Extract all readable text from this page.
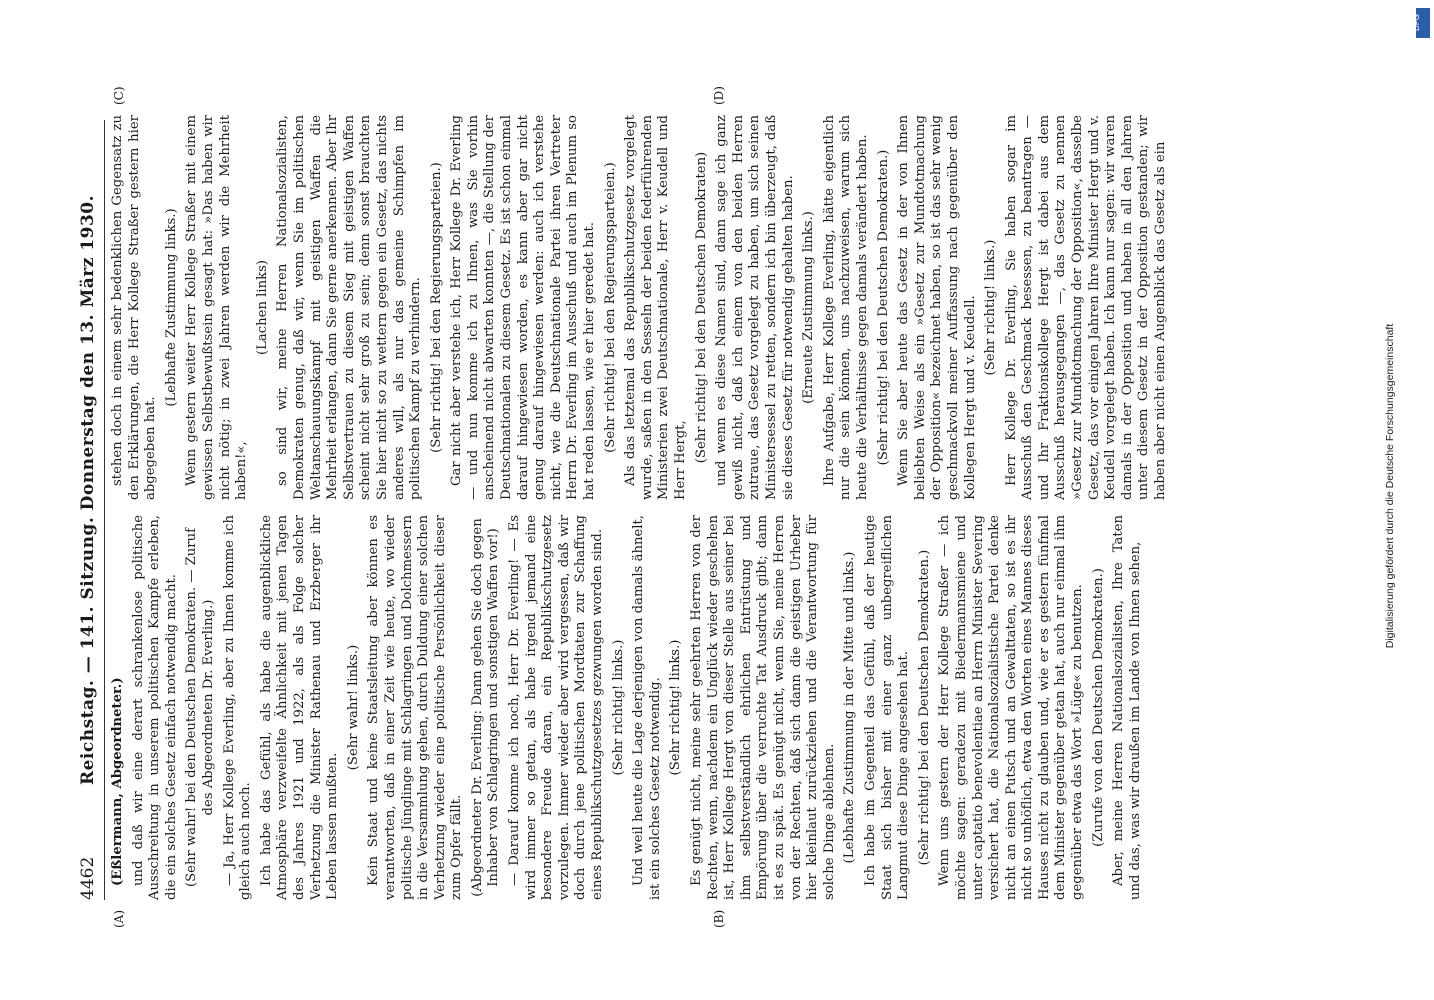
4462
Reichstag. — 141. Sitzung. Donnerstag den 13. März 1930.
(A)	(B)
(C)	(D)

(Eßlermann, Abgeordneter.) und daß wir eine derart schrankenlose politische Ausschreitung in unserem politischen Kampfe erleben, die ein solches Gesetz einfach notwendig macht. (Sehr wahr! bei den Deutschen Demokraten. — Zuruf des Abgeordneten Dr. Everling.) — Ja, Herr Kollege Everling, aber zu Ihnen komme ich gleich auch noch. Ich habe das Gefühl, als habe die augenblickliche Atmosphäre verzweifelte Ähnlichkeit mit jenen Tagen des Jahres 1921 und 1922, als als Folge solcher Verhetzung die Minister Rathenau und Erzberger ihr Leben lassen mußten.

(Sehr wahr! links.) Kein Staat und keine Staatsleitung aber können es verantworten, daß in einer Zeit wie heute, wo wieder politische Jünglinge mit Schlagringen und Dolchmessern in die Versammlung gehen, durch Duldung einer solchen Verhetzung wieder eine politische Persönlichkeit dieser zum Opfer fällt. (Abgeordneter Dr. Everling: Dann gehen Sie doch gegen Inhaber von Schlagringen und sonstigen Waffen vor!) — Darauf komme ich noch, Herr Dr. Everling! — Es wird immer so getan, als habe irgend jemand eine besondere Freude daran, ein Republikschutzgesetz vorzulegen. Immer wieder aber wird vergessen, daß wir doch durch jene politischen Mordtaten zur Schaffung eines Republikschutzgesetzes gezwungen worden sind. (Sehr richtig! links.) Und weil heute die Lage derjenigen von damals ähnelt, ist ein solches Gesetz notwendig. (Sehr richtig! links.) Es genügt nicht, meine sehr geehrten Herren von der Rechten, wenn, nachdem ein Unglück wieder geschehen ist, Herr Kollege Hergt von dieser Stelle aus seiner bei ihm selbstverständlich ehrlichen Entrüstung und Empörung über die verruchte Tat Ausdruck gibt; dann ist es zu spät. Es genügt nicht, wenn Sie, meine Herren von der Rechten, daß sich dann die geistigen Urheber hier kleinlaut zurückziehen und die Verantwortung für solche Dinge ablehnen. (Lebhafte Zustimmung in der Mitte und links.) Ich habe im Gegenteil das Gefühl, daß der heutige Staat sich bisher mit einer ganz unbegreiflichen Langmut diese Dinge angesehen hat. (Sehr richtig! bei den Deutschen Demokraten.) Wenn uns gestern der Herr Kollege Straßer — ich möchte sagen: geradezu mit Biedermannsmiene und unter captatio benevolentiae an Herrn Minister Severing versichert hat, die Nationalsozialistische Partei denke nicht an einen Putsch und an Gewalttaten, so ist es ihr nicht so unhöflich, etwa den Worten eines Mannes dieses Hauses nicht zu glauben und, wie er es gestern fünfmal dem Minister gegenüber getan hat, auch nur einmal ihm gegenüber etwa das Wort »Lüge« zu benutzen. (Zurufe von den Deutschen Demokraten.) Aber, meine Herren Nationalsozialisten, Ihre Taten und das, was wir draußen im Lande von Ihnen sehen,

stehen doch in einem sehr bedenklichen Gegensatz zu den Erklärungen, die Herr Kollege Straßer gestern hier abgegeben hat.

(Lebhafte Zustimmung links.) Wenn gestern weiter Herr Kollege Straßer mit einem gewissen Selbstbewußtsein gesagt hat: »Das haben wir nicht nötig; in zwei Jahren werden wir die Mehrheit haben!«,

(Lachen links) so sind wir, meine Herren Nationalsozialisten, Demokraten genug, daß wir, wenn Sie im politischen Weltanschauungskampf mit geistigen Waffen die Mehrheit erlangen, dann Sie gerne anerkennen. Aber Ihr Selbstvertrauen zu diesem Sieg mit geistigen Waffen scheint nicht sehr groß zu sein; denn sonst brauchten Sie hier nicht so zu wettern gegen ein Gesetz, das nichts anderes will, als nur das gemeine Schimpfen im politischen Kampf zu verhindern. (Sehr richtig! bei den Regierungsparteien.) Gar nicht aber verstehe ich, Herr Kollege Dr. Everling — und nun komme ich zu Ihnen, was Sie vorhin anscheinend nicht abwarten konnten —, die Stellung der Deutschnationalen zu diesem Gesetz. Es ist schon einmal darauf hingewiesen worden, es kann aber gar nicht genug darauf hingewiesen werden: auch ich verstehe nicht, wie die Deutschnationale Partei ihren Vertreter Herrn Dr. Everling im Ausschuß und auch im Plenum so hat reden lassen, wie er hier geredet hat. (Sehr richtig! bei den Regierungsparteien.) Als das letztemal das Republikschutzgesetz vorgelegt wurde, saßen in den Sesseln der beiden federführenden Ministerien zwei Deutschnationale, Herr v. Keudell und Herr Hergt, (Sehr richtig! bei den Deutschen Demokraten) und wenn es diese Namen sind, dann sage ich ganz gewiß nicht, daß ich einem von den beiden Herren zutraue, das Gesetz vorgelegt zu haben, um sich seinen Ministersessel zu retten, sondern ich bin überzeugt, daß sie dieses Gesetz für notwendig gehalten haben. (Erneute Zustimmung links.) Ihre Aufgabe, Herr Kollege Everling, hätte eigentlich nur die sein können, uns nachzuweisen, warum sich heute die Verhältnisse gegen damals verändert haben. (Sehr richtig! bei den Deutschen Demokraten.) Wenn Sie aber heute das Gesetz in der von Ihnen beliebten Weise als ein »Gesetz zur Mundtotmachung der Opposition« bezeichnet haben, so ist das sehr wenig geschmackvoll meiner Auffassung nach gegenüber den Kollegen Hergt und v. Keudell. (Sehr richtig! links.) Herr Kollege Dr. Everling, Sie haben sogar im Ausschuß den Geschmack besessen, zu beantragen — und Ihr Fraktionskollege Hergt ist dabei aus dem Ausschuß herausgegangen —, das Gesetz zu nennen »Gesetz zur Mundtotmachung der Opposition«, dasselbe Gesetz, das vor einigen Jahren Ihre Minister Hergt und v. Keudell vorgelegt haben. Ich kann nur sagen: wir waren damals in der Opposition und haben in all den Jahren unter diesem Gesetz in der Opposition gestanden; wir haben aber nicht einen Augenblick das Gesetz als ein	Digitalisierung gefördert durch die Deutsche Forschungsgemeinschaft
DFG
